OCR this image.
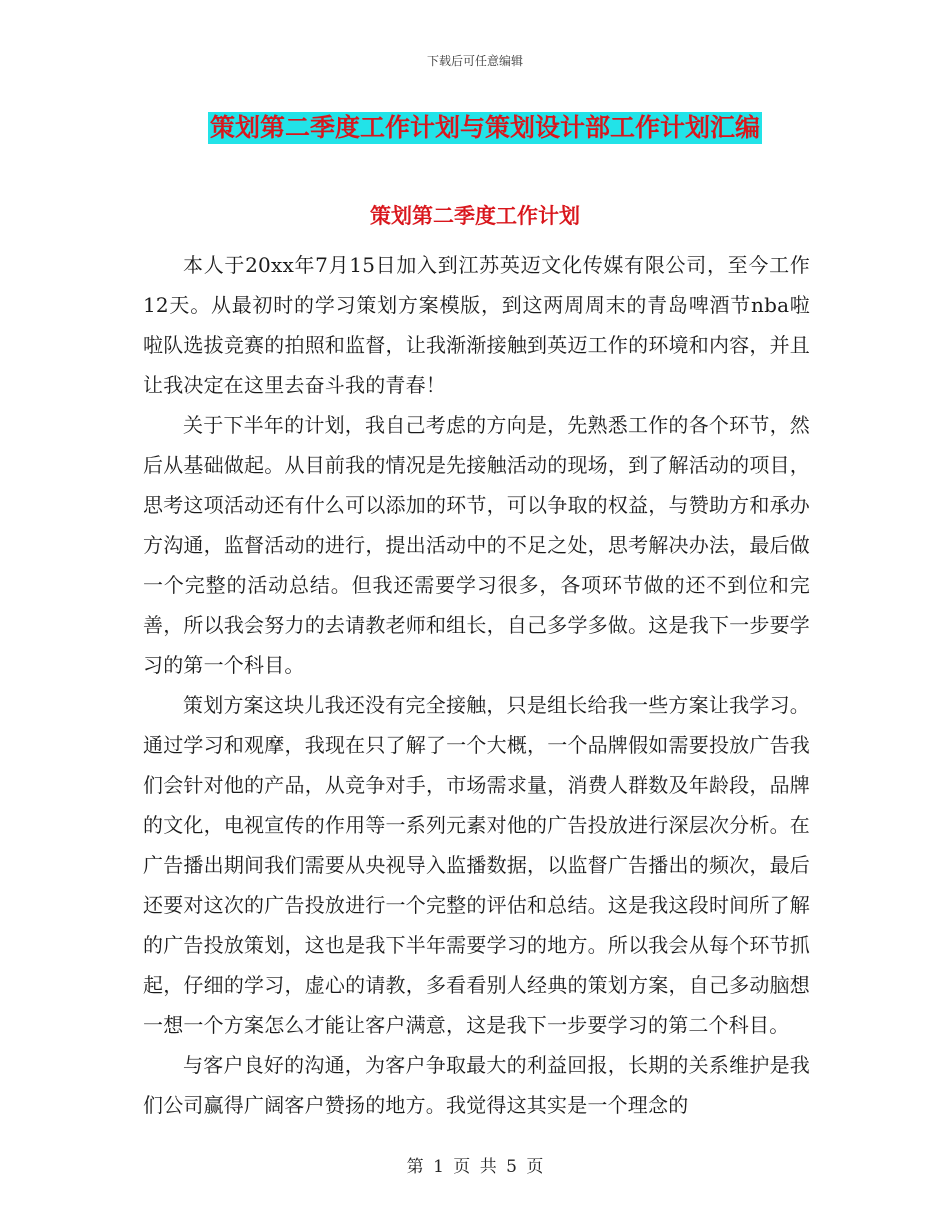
下载后可任意编辑
策划第二季度工作计划与策划设计部工作计划汇编
策划第二季度工作计划

本人于20xx年7月15日加入到江苏英迈文化传媒有限公司，至今工作12天。从最初时的学习策划方案模版，到这两周周末的青岛啤酒节nba啦啦队选拔竞赛的拍照和监督，让我渐渐接触到英迈工作的环境和内容，并且让我决定在这里去奋斗我的青春！

关于下半年的计划，我自己考虑的方向是，先熟悉工作的各个环节，然后从基础做起。从目前我的情况是先接触活动的现场，到了解活动的项目，思考这项活动还有什么可以添加的环节，可以争取的权益，与赞助方和承办方沟通，监督活动的进行，提出活动中的不足之处，思考解决办法，最后做一个完整的活动总结。但我还需要学习很多，各项环节做的还不到位和完善，所以我会努力的去请教老师和组长，自己多学多做。这是我下一步要学习的第一个科目。

策划方案这块儿我还没有完全接触，只是组长给我一些方案让我学习。通过学习和观摩，我现在只了解了一个大概，一个品牌假如需要投放广告我们会针对他的产品，从竞争对手，市场需求量，消费人群数及年龄段，品牌的文化，电视宣传的作用等一系列元素对他的广告投放进行深层次分析。在广告播出期间我们需要从央视导入监播数据，以监督广告播出的频次，最后还要对这次的广告投放进行一个完整的评估和总结。这是我这段时间所了解的广告投放策划，这也是我下半年需要学习的地方。所以我会从每个环节抓起，仔细的学习，虚心的请教，多看看别人经典的策划方案，自己多动脑想一想一个方案怎么才能让客户满意，这是我下一步要学习的第二个科目。

与客户良好的沟通，为客户争取最大的利益回报，长期的关系维护是我们公司赢得广阔客户赞扬的地方。我觉得这其实是一个理念的

第 1 页 共 5 页
